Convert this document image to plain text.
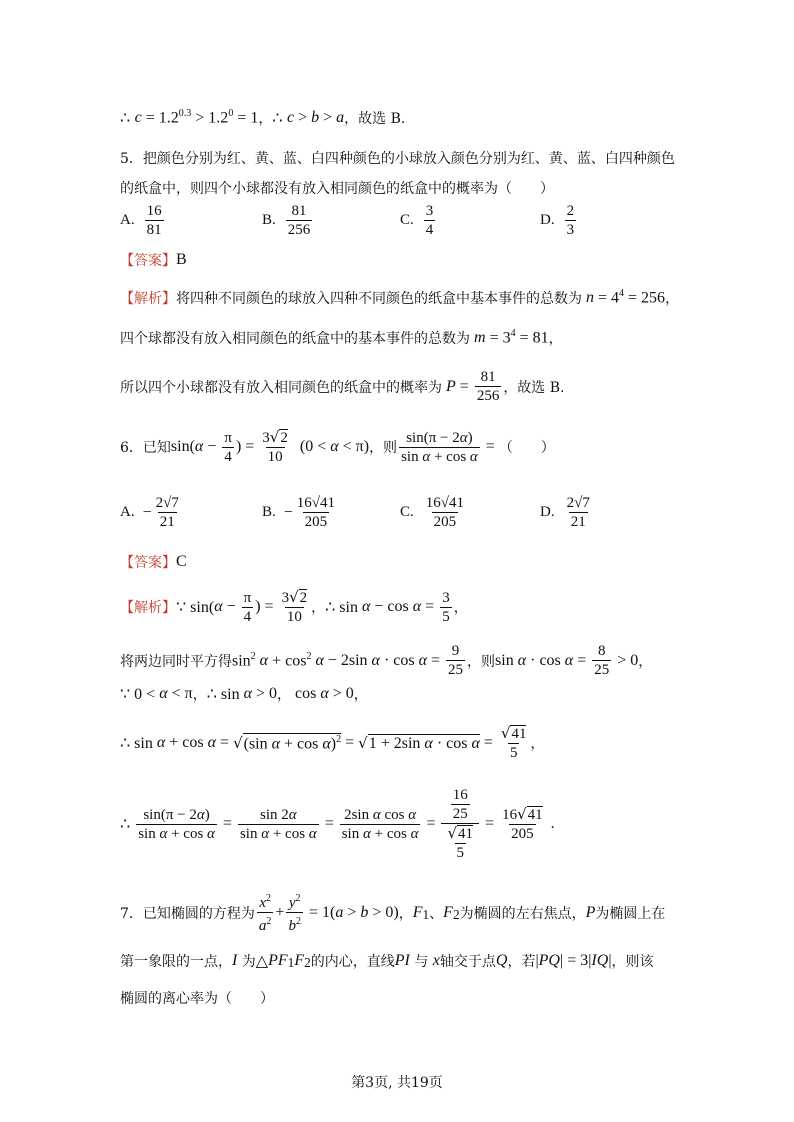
∴
$c = 1.2^{0.3} > 1.2^0 = 1$ ， ∴
c > b > a ，故选 B.
5．把颜色分别为红、黄、蓝、白四种颜色的小球放入颜色分别为红、黄、蓝、白四种颜色
的纸盒中，则四个小球都没有放入相同颜色的纸盒中的概率为（　　）
A. $\frac{16}{81}$	B. $\frac{81}{256}$	C. $\frac{3}{4}$	D. $\frac{2}{3}$
【答案】 B
【解析】 将四种不同颜色的球放入四种不同颜色的纸盒中基本事件的总数为 $n = 4^4 = 256$ ，
四个球都没有放入相同颜色的纸盒中的基本事件的总数为 $m = 3^4 = 81$ ，
所以四个小球都没有放入相同颜色的纸盒中的概率为 $P = \frac{81}{256}$ ，故选 B.
6．已知 sin( $\alpha - \frac{\pi}{4}$ ) = $\frac{3√2}{10} (0 < \alpha < \pi)$ ，则 $\frac{\sin(\pi - 2\alpha)}{\text{sin α + cos α}}$ = （　　）
A. − $\frac{2√7}{21}$	B. − $\frac{16√41}{205}$	C. $\frac{16√41}{205}$	D. $\frac{2√7}{21}$
【答案】 C
【解析】 ∵ sin( $\alpha - \frac{\pi}{4}$ ) = $\frac{3√2}{10}$ ， ∴ $\sin \alpha - \cos \alpha = \frac{3}{5}$ ，
将两边同时平方得 $\sin^2 \alpha + \cos^2 \alpha - 2\sin$ $\alpha \cdot \cos \alpha = \frac{9}{25}$ ，则 $\sin \alpha \cdot \cos \alpha = \frac{8}{25} > 0$ ，
∵ 0 < α < π ， ∴ sin α > 0 ， cos α > 0 ，
∴ sin α + cos α = √ (sin α + cos α)$^2$ = √ 1 + 2sin $\alpha \cdot \cos \alpha = \frac{√41}{5}$ ，
∴ $\frac{\sin(\pi - 2\alpha)}{\text{sin α + cos α}} = \frac{\sin 2\alpha}{\text{sin α + cos α}} = \frac{\text{2sin α cos α}}{\text{sin α + cos α}} = \frac{\frac{16}{25}}{\frac{√41}{5}} = \frac{16√41}{205}$ .
7．已知椭圆的方程为 $\frac{x^2}{a^2} + \frac{y^2}{b^2} = 1$( a > b > 0) ， F $_1$ 、 F $_2$ 为椭圆的左右焦点， P 为椭圆上在
第一象限的一点， I 为 △ PF $_1$ F $_2$ 的内心，直线 PI 与 x 轴交于点 Q ，若 | PQ | = 3| IQ | ，则该
椭圆的离心率为（　　）
第3页, 共19页
